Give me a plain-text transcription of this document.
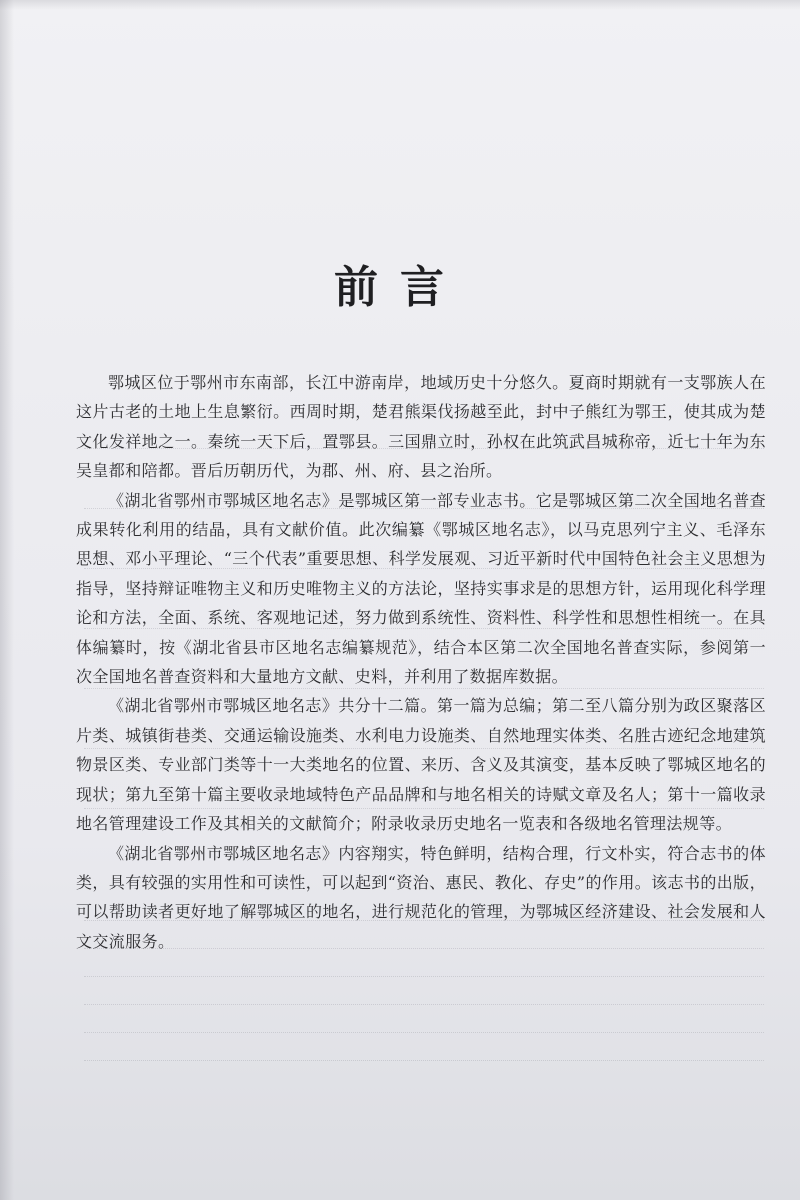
前言

鄂城区位于鄂州市东南部，长江中游南岸，地域历史十分悠久。夏商时期就有一支鄂族人在这片古老的土地上生息繁衍。西周时期，楚君熊渠伐扬越至此，封中子熊红为鄂王，使其成为楚文化发祥地之一。秦统一天下后，置鄂县。三国鼎立时，孙权在此筑武昌城称帝，近七十年为东吴皇都和陪都。晋后历朝历代，为郡、州、府、县之治所。

《湖北省鄂州市鄂城区地名志》是鄂城区第一部专业志书。它是鄂城区第二次全国地名普查成果转化利用的结晶，具有文献价值。此次编纂《鄂城区地名志》，以马克思列宁主义、毛泽东思想、邓小平理论、“三个代表”重要思想、科学发展观、习近平新时代中国特色社会主义思想为指导，坚持辩证唯物主义和历史唯物主义的方法论，坚持实事求是的思想方针，运用现化科学理论和方法，全面、系统、客观地记述，努力做到系统性、资料性、科学性和思想性相统一。在具体编纂时，按《湖北省县市区地名志编纂规范》，结合本区第二次全国地名普查实际，参阅第一次全国地名普查资料和大量地方文献、史料，并利用了数据库数据。

《湖北省鄂州市鄂城区地名志》共分十二篇。第一篇为总编；第二至八篇分别为政区聚落区片类、城镇街巷类、交通运输设施类、水利电力设施类、自然地理实体类、名胜古迹纪念地建筑物景区类、专业部门类等十一大类地名的位置、来历、含义及其演变，基本反映了鄂城区地名的现状；第九至第十篇主要收录地域特色产品品牌和与地名相关的诗赋文章及名人；第十一篇收录地名管理建设工作及其相关的文献简介；附录收录历史地名一览表和各级地名管理法规等。

《湖北省鄂州市鄂城区地名志》内容翔实，特色鲜明，结构合理，行文朴实，符合志书的体类，具有较强的实用性和可读性，可以起到“资治、惠民、教化、存史”的作用。该志书的出版，可以帮助读者更好地了解鄂城区的地名，进行规范化的管理，为鄂城区经济建设、社会发展和人文交流服务。
